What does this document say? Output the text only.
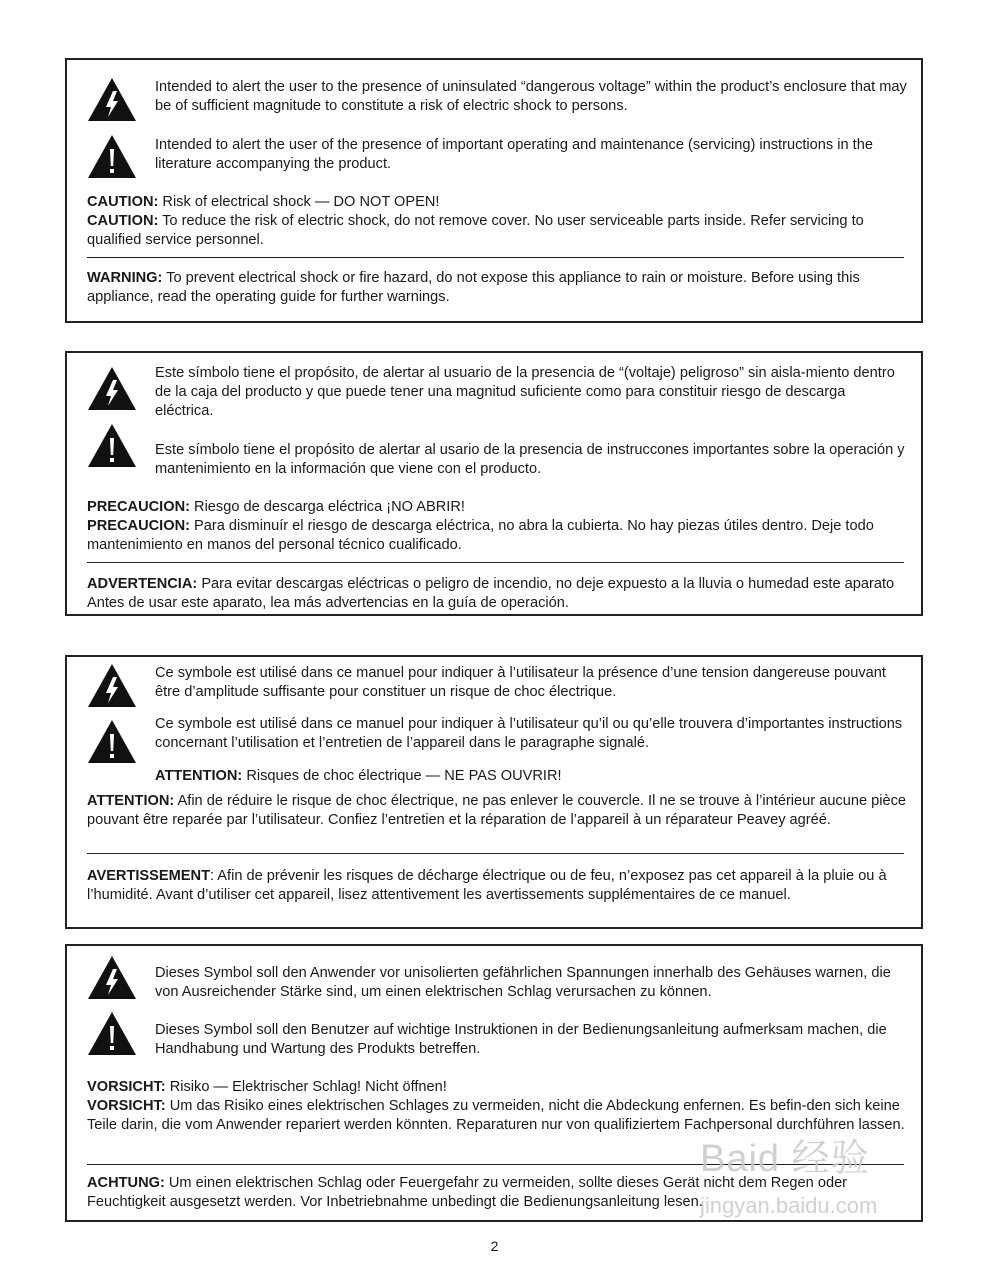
Intended to alert the user to the presence of uninsulated “dangerous voltage” within the product’s enclosure that may be of sufficient magnitude to constitute a risk of electric shock to persons.

Intended to alert the user of the presence of important operating and maintenance (servicing) instructions in the literature accompanying the product.

CAUTION: Risk of electrical shock — DO NOT OPEN!

CAUTION: To reduce the risk of electric shock, do not remove cover. No user serviceable parts inside. Refer servicing to qualified service personnel.

WARNING: To prevent electrical shock or fire hazard, do not expose this appliance to rain or moisture. Before using this appliance, read the operating guide for further warnings.

Este símbolo tiene el propósito, de alertar al usuario de la presencia de “(voltaje) peligroso” sin aisla-miento dentro de la caja del producto y que puede tener una magnitud suficiente como para constituir riesgo de descarga eléctrica.

Este símbolo tiene el propósito de alertar al usario de la presencia de instruccones importantes sobre la operación y mantenimiento en la información que viene con el producto.

PRECAUCION: Riesgo de descarga eléctrica ¡NO ABRIR!

PRECAUCION: Para disminuír el riesgo de descarga eléctrica, no abra la cubierta. No hay piezas útiles dentro. Deje todo mantenimiento en manos del personal técnico cualificado.

ADVERTENCIA: Para evitar descargas eléctricas o peligro de incendio, no deje expuesto a la lluvia o humedad este aparato Antes de usar este aparato, lea más advertencias en la guía de operación.

Ce symbole est utilisé dans ce manuel pour indiquer à l’utilisateur la présence d’une tension dangereuse pouvant être d’amplitude suffisante pour constituer un risque de choc électrique.

Ce symbole est utilisé dans ce manuel pour indiquer à l’utilisateur qu’il ou qu’elle trouvera d’importantes instructions concernant l’utilisation et l’entretien de l’appareil dans le paragraphe signalé.

ATTENTION: Risques de choc électrique — NE PAS OUVRIR!

ATTENTION: Afin de réduire le risque de choc électrique, ne pas enlever le couvercle. Il ne se trouve à l’intérieur aucune pièce pouvant être reparée par l’utilisateur. Confiez l’entretien et la réparation de l’appareil à un réparateur Peavey agréé.

AVERTISSEMENT: Afin de prévenir les risques de décharge électrique ou de feu, n’exposez pas cet appareil à la pluie ou à l’humidité. Avant d’utiliser cet appareil, lisez attentivement les avertissements supplémentaires de ce manuel.

Dieses Symbol soll den Anwender vor unisolierten gefährlichen Spannungen innerhalb des Gehäuses warnen, die von Ausreichender Stärke sind, um einen elektrischen Schlag verursachen zu können.

Dieses Symbol soll den Benutzer auf wichtige Instruktionen in der Bedienungsanleitung aufmerksam machen, die Handhabung und Wartung des Produkts betreffen.

VORSICHT: Risiko — Elektrischer Schlag! Nicht öffnen!

VORSICHT: Um das Risiko eines elektrischen Schlages zu vermeiden, nicht die Abdeckung enfernen. Es befin-den sich keine Teile darin, die vom Anwender repariert werden könnten. Reparaturen nur von qualifiziertem Fachpersonal durchführen lassen.

ACHTUNG: Um einen elektrischen Schlag oder Feuergefahr zu vermeiden, sollte dieses Gerät nicht dem Regen oder Feuchtigkeit ausgesetzt werden. Vor Inbetriebnahme unbedingt die Bedienungsanleitung lesen.

Baid 经验
jingyan.baidu.com
2
